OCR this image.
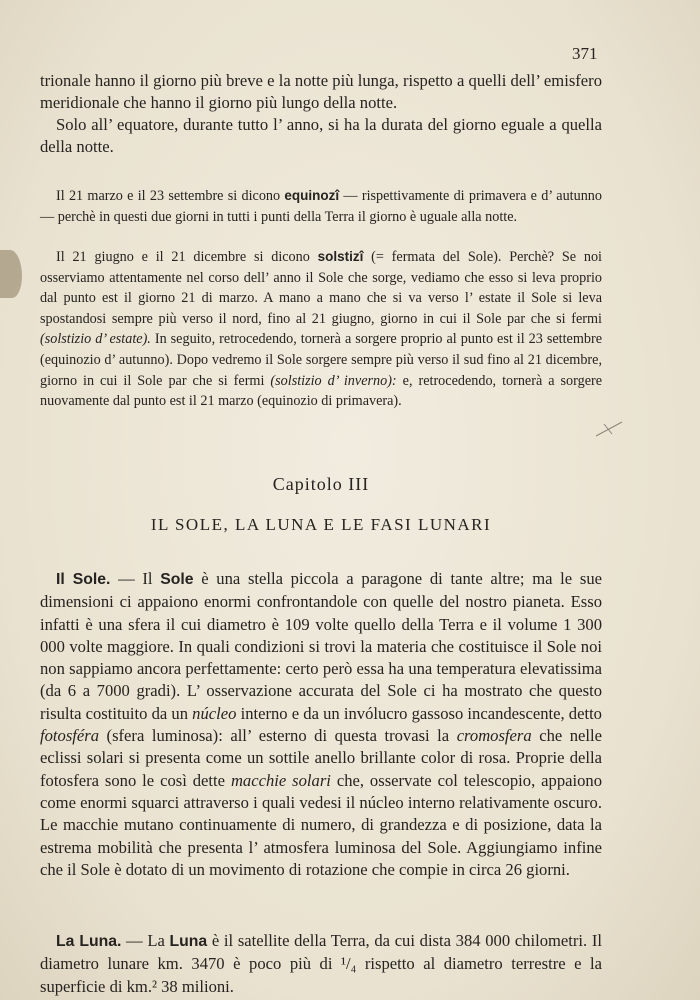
371
trionale hanno il giorno più breve e la notte più lunga, rispetto a quelli dell’ emisfero meridionale che hanno il giorno più lungo della notte.
Solo all’ equatore, durante tutto l’ anno, si ha la durata del giorno eguale a quella della notte.
Il 21 marzo e il 23 settembre si dicono equinozî — rispettivamente di primavera e d’ autunno — perchè in questi due giorni in tutti i punti della Terra il giorno è uguale alla notte.
Il 21 giugno e il 21 dicembre si dicono solstizî (= fermata del Sole). Perchè? Se noi osserviamo attentamente nel corso dell’ anno il Sole che sorge, vediamo che esso si leva proprio dal punto est il giorno 21 di marzo. A mano a mano che si va verso l’ estate il Sole si leva spostandosi sempre più verso il nord, fino al 21 giugno, giorno in cui il Sole par che si fermi (solstizio d’ estate). In seguito, retrocedendo, tornerà a sorgere proprio al punto est il 23 settembre (equinozio d’ autunno). Dopo vedremo il Sole sorgere sempre più verso il sud fino al 21 dicembre, giorno in cui il Sole par che si fermi (solstizio d’ inverno): e, retrocedendo, tornerà a sorgere nuovamente dal punto est il 21 marzo (equinozio di primavera).
Capitolo III
IL SOLE, LA LUNA E LE FASI LUNARI
Il Sole. — Il Sole è una stella piccola a paragone di tante altre; ma le sue dimensioni ci appaiono enormi confrontandole con quelle del nostro pianeta. Esso infatti è una sfera il cui diametro è 109 volte quello della Terra e il volume 1 300 000 volte maggiore. In quali condizioni si trovi la materia che costituisce il Sole noi non sappiamo ancora perfettamente: certo però essa ha una temperatura elevatissima (da 6 a 7000 gradi). L’ osservazione accurata del Sole ci ha mostrato che questo risulta costituito da un núcleo interno e da un invólucro gassoso incandescente, detto fotosféra (sfera luminosa): all’ esterno di questa trovasi la cromosfera che nelle eclissi solari si presenta come un sottile anello brillante color di rosa. Proprie della fotosfera sono le così dette macchie solari che, osservate col telescopio, appaiono come enormi squarci attraverso i quali vedesi il núcleo interno relativamente oscuro. Le macchie mutano continuamente di numero, di grandezza e di posizione, data la estrema mobilità che presenta l’ atmosfera luminosa del Sole. Aggiungiamo infine che il Sole è dotato di un movimento di rotazione che compie in circa 26 giorni.
La Luna. — La Luna è il satellite della Terra, da cui dista 384 000 chilometri. Il diametro lunare km. 3470 è poco più di ¹/₄ rispetto al diametro terrestre e la superficie di km.² 38 milioni.
